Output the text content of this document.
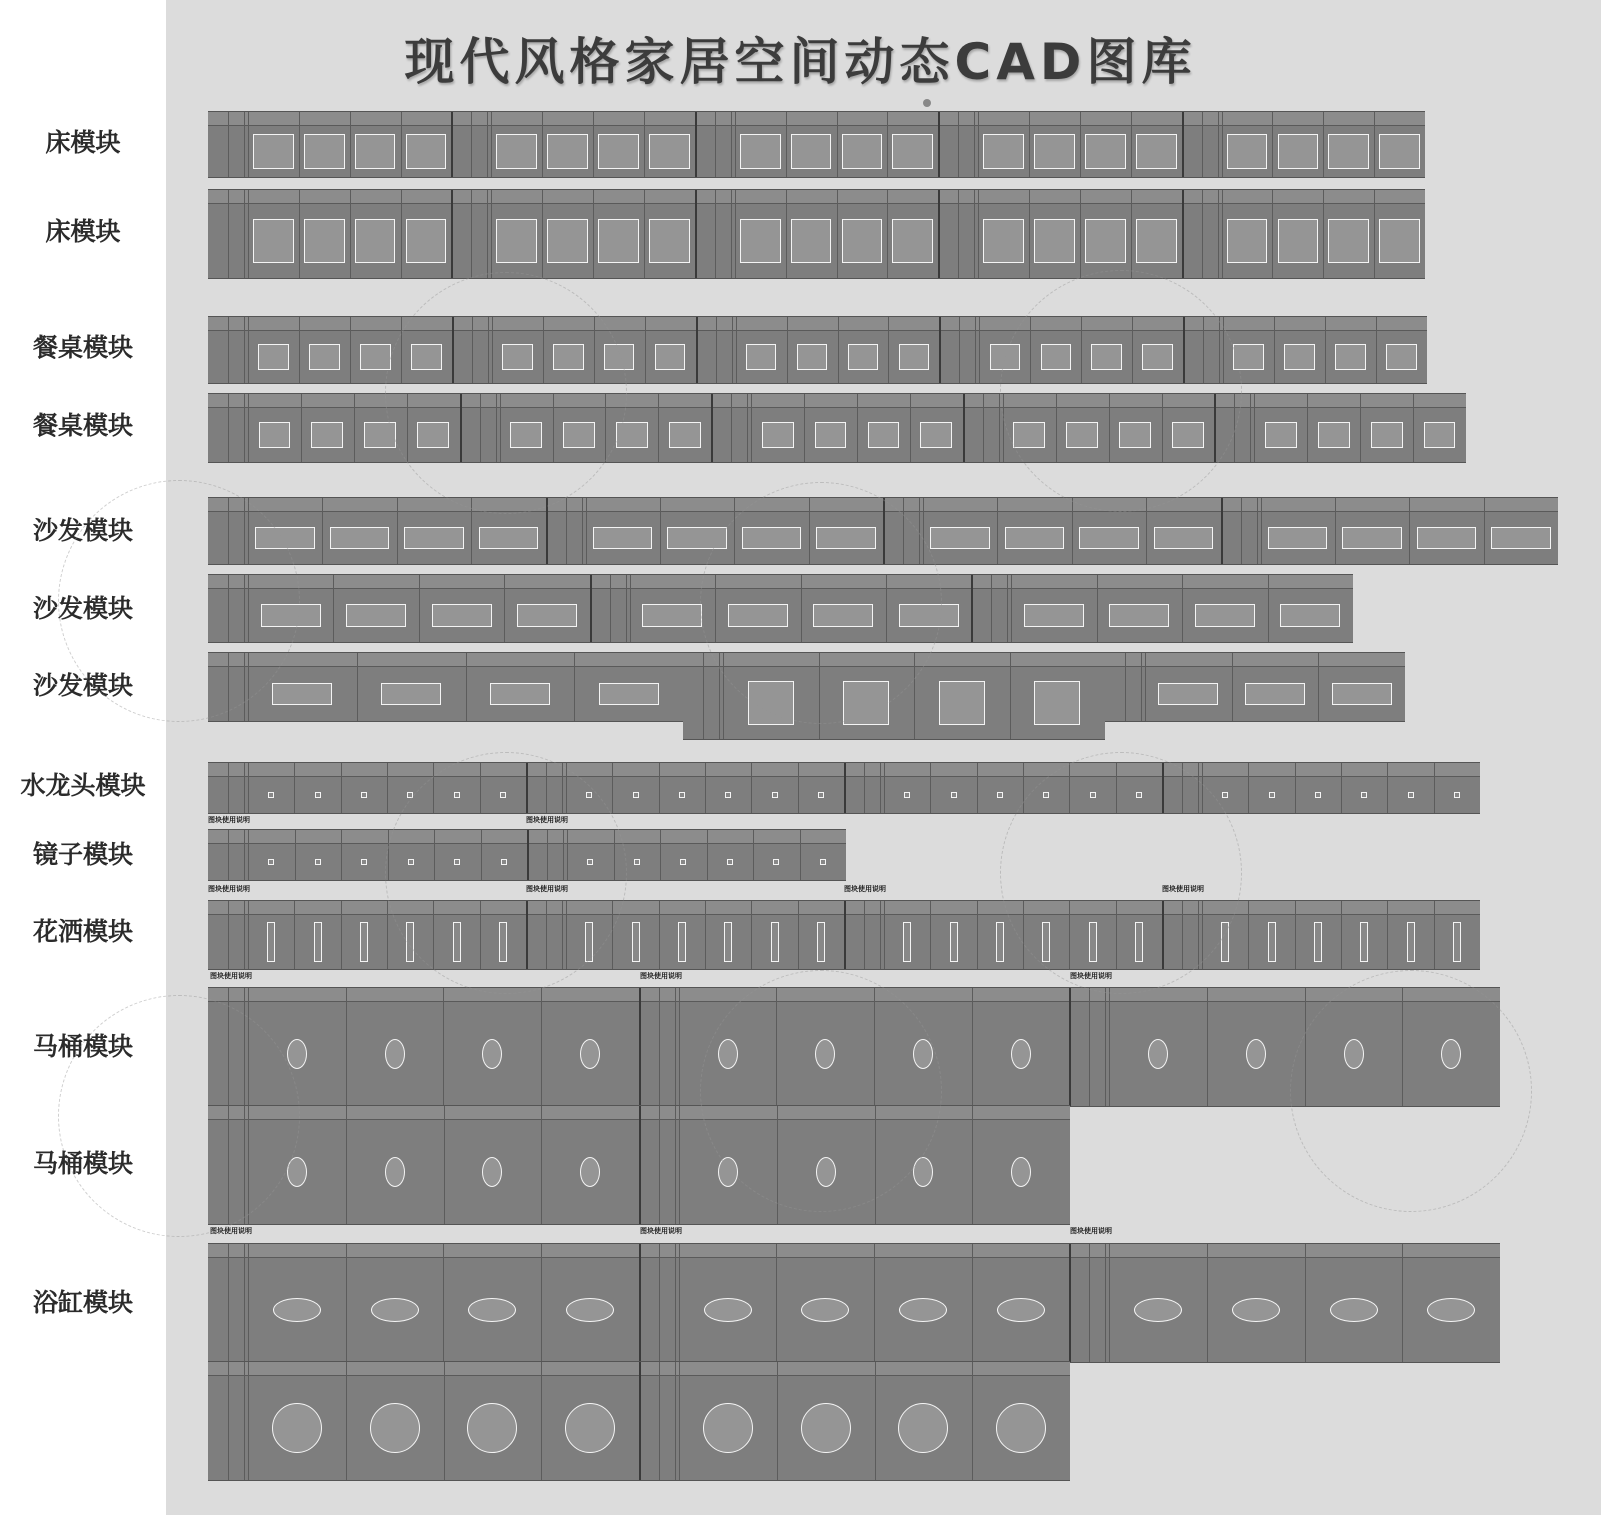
现代风格家居空间动态CAD图库
床模块
床模块
餐桌模块
餐桌模块
沙发模块
沙发模块
沙发模块
水龙头模块
镜子模块
花洒模块
马桶模块
马桶模块
浴缸模块
图块使用说明	图块使用说明
图块使用说明	图块使用说明	图块使用说明	图块使用说明
图块使用说明	图块使用说明	图块使用说明
图块使用说明	图块使用说明	图块使用说明
